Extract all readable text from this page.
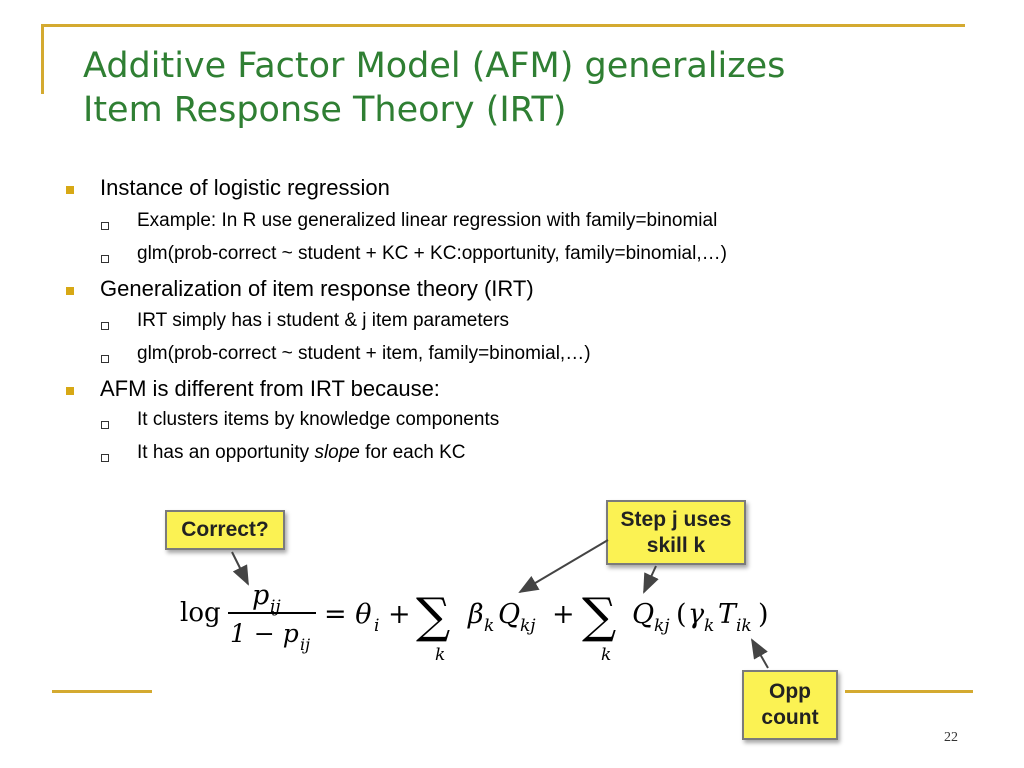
Additive Factor Model (AFM) generalizes
Item Response Theory (IRT)
Instance of logistic regression
Example: In R use generalized linear regression with family=binomial
glm(prob-correct ~ student + KC + KC:opportunity, family=binomial,…)
Generalization of item response theory (IRT)
IRT simply has i student & j item parameters
glm(prob-correct ~ student + item, family=binomial,…)
AFM is different from IRT because:
It clusters items by knowledge components
It has an opportunity slope for each KC
Correct?	Step j uses
skill k
Opp
count
log
p ij
1 − p ij
= θ i + ∑
k
β k Q kj + ∑
k
Q kj ( γ k T ik )
22
